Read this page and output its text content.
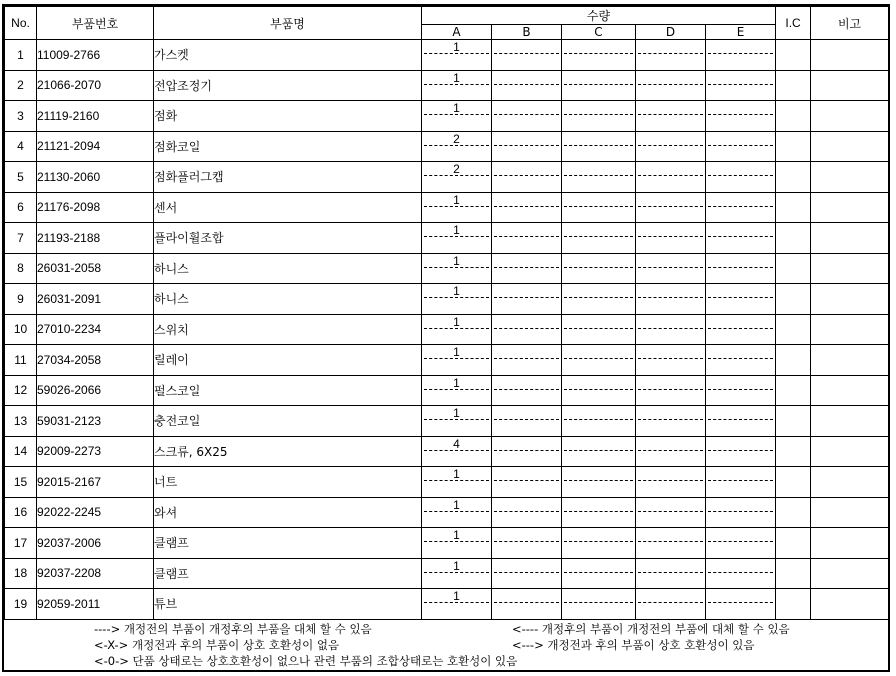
No.	부품번호	부품명	수량					I.C	비고
			A	B	C	D	E		
1	11009-2766	가스켓	1						

2	21066-2070	전압조정기	1						

3	21119-2160	점화	1						

4	21121-2094	점화코일	2						

5	21130-2060	점화플러그캡	2						

6	21176-2098	센서	1						

7	21193-2188	플라이휠조합	1						

8	26031-2058	하니스	1						

9	26031-2091	하니스	1						

10	27010-2234	스위치	1						

11	27034-2058	릴레이	1						

12	59026-2066	펄스코일	1						

13	59031-2123	충전코일	1						

14	92009-2273	스크류, 6X25	4						

15	92015-2167	너트	1						

16	92022-2245	와셔	1						

17	92037-2006	클램프	1						

18	92037-2208	클램프	1						

19	92059-2011	튜브	1						

----> 개정전의 부품이 개정후의 부품을 대체 할 수 있음	<---- 개정후의 부품이 개정전의 부품에 대체 할 수 있음
<-X-> 개정전과 후의 부품이 상호 호환성이 없음	<---> 개정전과 후의 부품이 상호 호환성이 있음
<-0-> 단품 상태로는 상호호환성이 없으나 관련 부품의 조합상태로는 호환성이 있음
